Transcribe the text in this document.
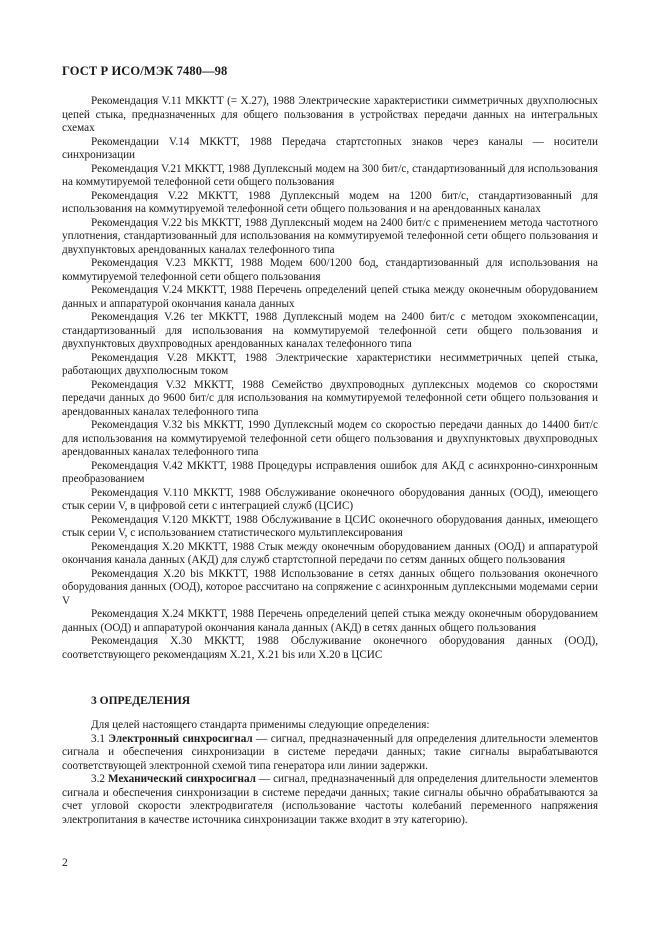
ГОСТ Р ИСО/МЭК 7480—98

Рекомендация V.11 МККТТ (= Х.27), 1988 Электрические характеристики симметричных двухполюсных цепей стыка, предназначенных для общего пользования в устройствах передачи данных на интегральных схемах

Рекомендации V.14 МККТТ, 1988 Передача стартстопных знаков через каналы — носители синхронизации

Рекомендация V.21 МККТТ, 1988 Дуплексный модем на 300 бит/с, стандартизованный для использования на коммутируемой телефонной сети общего пользования

Рекомендация V.22 МККТТ, 1988 Дуплексный модем на 1200 бит/с, стандартизованный для использования на коммутируемой телефонной сети общего пользования и на арендованных каналах

Рекомендация V.22 bis МККТТ, 1988 Дуплексный модем на 2400 бит/с с применением метода частотного уплотнения, стандартизованный для использования на коммутируемой телефонной сети общего пользования и двухпунктовых арендованных каналах телефонного типа

Рекомендация V.23 МККТТ, 1988 Модем 600/1200 бод, стандартизованный для использования на коммутируемой телефонной сети общего пользования

Рекомендация V.24 МККТТ, 1988 Перечень определений цепей стыка между оконечным оборудованием данных и аппаратурой окончания канала данных

Рекомендация V.26 ter МККТТ, 1988 Дуплексный модем на 2400 бит/с с методом эхокомпенсации, стандартизованный для использования на коммутируемой телефонной сети общего пользования и двухпунктовых двухпроводных арендованных каналах телефонного типа

Рекомендация V.28 МККТТ, 1988 Электрические характеристики несимметричных цепей стыка, работающих двухполюсным током

Рекомендация V.32 МККТТ, 1988 Семейство двухпроводных дуплексных модемов со скоростями передачи данных до 9600 бит/с для использования на коммутируемой телефонной сети общего пользования и арендованных каналах телефонного типа

Рекомендация V.32 bis МККТТ, 1990 Дуплексный модем со скоростью передачи данных до 14400 бит/с для использования на коммутируемой телефонной сети общего пользования и двухпунктовых двухпроводных арендованных каналах телефонного типа

Рекомендация V.42 МККТТ, 1988 Процедуры исправления ошибок для АКД с асинхронно-синхронным преобразованием

Рекомендация V.110 МККТТ, 1988 Обслуживание оконечного оборудования данных (ООД), имеющего стык серии V, в цифровой сети с интеграцией служб (ЦСИС)

Рекомендация V.120 МККТТ, 1988 Обслуживание в ЦСИС оконечного оборудования данных, имеющего стык серии V, с использованием статистического мультиплексирования

Рекомендация Х.20 МККТТ, 1988 Стык между оконечным оборудованием данных (ООД) и аппаратурой окончания канала данных (АКД) для служб стартстопной передачи по сетям данных общего пользования

Рекомендация Х.20 bis МККТТ, 1988 Использование в сетях данных общего пользования оконечного оборудования данных (ООД), которое рассчитано на сопряжение с асинхронным дуплексными модемами серии V

Рекомендация Х.24 МККТТ, 1988 Перечень определений цепей стыка между оконечным оборудованием данных (ООД) и аппаратурой окончания канала данных (АКД) в сетях данных общего пользования

Рекомендация Х.30 МККТТ, 1988 Обслуживание оконечного оборудования данных (ООД), соответствующего рекомендациям Х.21, Х.21 bis или Х.20 в ЦСИС

3 ОПРЕДЕЛЕНИЯ

Для целей настоящего стандарта применимы следующие определения:

3.1 Электронный синхросигнал — сигнал, предназначенный для определения длительности элементов сигнала и обеспечения синхронизации в системе передачи данных; такие сигналы вырабатываются соответствующей электронной схемой типа генератора или линии задержки.

3.2 Механический синхросигнал — сигнал, предназначенный для определения длительности элементов сигнала и обеспечения синхронизации в системе передачи данных; такие сигналы обычно обрабатываются за счет угловой скорости электродвигателя (использование частоты колебаний переменного напряжения электропитания в качестве источника синхронизации также входит в эту категорию).

2
